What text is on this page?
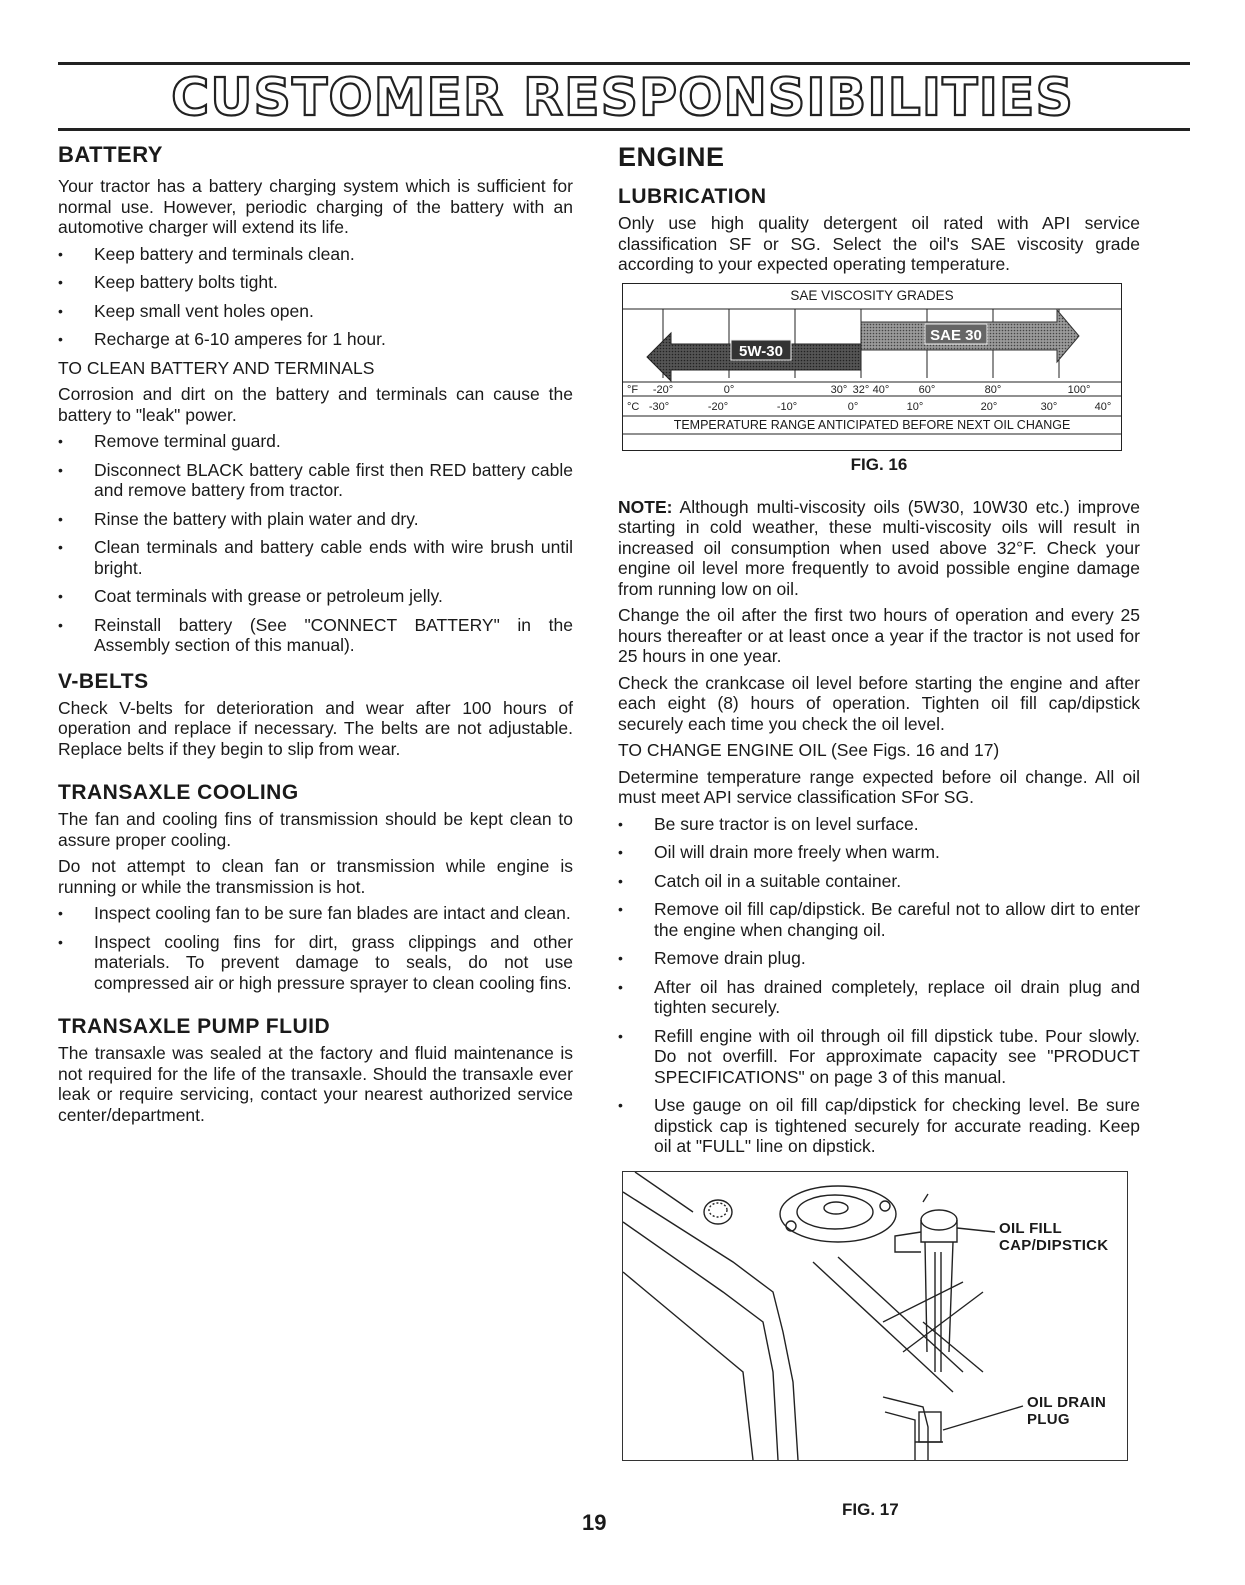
CUSTOMER RESPONSIBILITIES
BATTERY

Your tractor has a battery charging system which is sufficient for normal use. However, periodic charging of the battery with an automotive charger will extend its life.

• Keep battery and terminals clean.
• Keep battery bolts tight.
• Keep small vent holes open.
• Recharge at 6-10 amperes for 1 hour.

TO CLEAN BATTERY AND TERMINALS

Corrosion and dirt on the battery and terminals can cause the battery to "leak" power.

• Remove terminal guard.
• Disconnect BLACK battery cable first then RED battery cable and remove battery from tractor.
• Rinse the battery with plain water and dry.
• Clean terminals and battery cable ends with wire brush until bright.
• Coat terminals with grease or petroleum jelly.
• Reinstall battery (See "CONNECT BATTERY" in the Assembly section of this manual).
V-BELTS

Check V-belts for deterioration and wear after 100 hours of operation and replace if necessary. The belts are not adjustable. Replace belts if they begin to slip from wear.

TRANSAXLE COOLING

The fan and cooling fins of transmission should be kept clean to assure proper cooling.

Do not attempt to clean fan or transmission while engine is running or while the transmission is hot.

• Inspect cooling fan to be sure fan blades are intact and clean.
• Inspect cooling fins for dirt, grass clippings and other materials. To prevent damage to seals, do not use compressed air or high pressure sprayer to clean cooling fins.
TRANSAXLE PUMP FLUID

The transaxle was sealed at the factory and fluid maintenance is not required for the life of the transaxle. Should the transaxle ever leak or require servicing, contact your nearest authorized service center/department.

ENGINE
LUBRICATION

Only use high quality detergent oil rated with API service classification SF or SG. Select the oil's SAE viscosity grade according to your expected operating temperature.

5W-30
SAE 30
°F -20°	0°	30° 32° 40°	60°	80°	100°
°C -30°	-20°	-10°	0°	10°	20°	30°	40°
SAE VISCOSITY GRADES
TEMPERATURE RANGE ANTICIPATED BEFORE NEXT OIL CHANGE
FIG. 16

NOTE: Although multi-viscosity oils (5W30, 10W30 etc.) improve starting in cold weather, these multi-viscosity oils will result in increased oil consumption when used above 32°F. Check your engine oil level more frequently to avoid possible engine damage from running low on oil.

Change the oil after the first two hours of operation and every 25 hours thereafter or at least once a year if the tractor is not used for 25 hours in one year.

Check the crankcase oil level before starting the engine and after each eight (8) hours of operation. Tighten oil fill cap/dipstick securely each time you check the oil level.

TO CHANGE ENGINE OIL (See Figs. 16 and 17)

Determine temperature range expected before oil change. All oil must meet API service classification SFor SG.

• Be sure tractor is on level surface.
• Oil will drain more freely when warm.
• Catch oil in a suitable container.
• Remove oil fill cap/dipstick. Be careful not to allow dirt to enter the engine when changing oil.
• Remove drain plug.
• After oil has drained completely, replace oil drain plug and tighten securely.
• Refill engine with oil through oil fill dipstick tube. Pour slowly. Do not overfill. For approximate capacity see "PRODUCT SPECIFICATIONS" on page 3 of this manual.
• Use gauge on oil fill cap/dipstick for checking level. Be sure dipstick cap is tightened securely for accurate reading. Keep oil at "FULL" line on dipstick.
OIL FILL
CAP/DIPSTICK
OIL DRAIN
PLUG
FIG. 17
19
